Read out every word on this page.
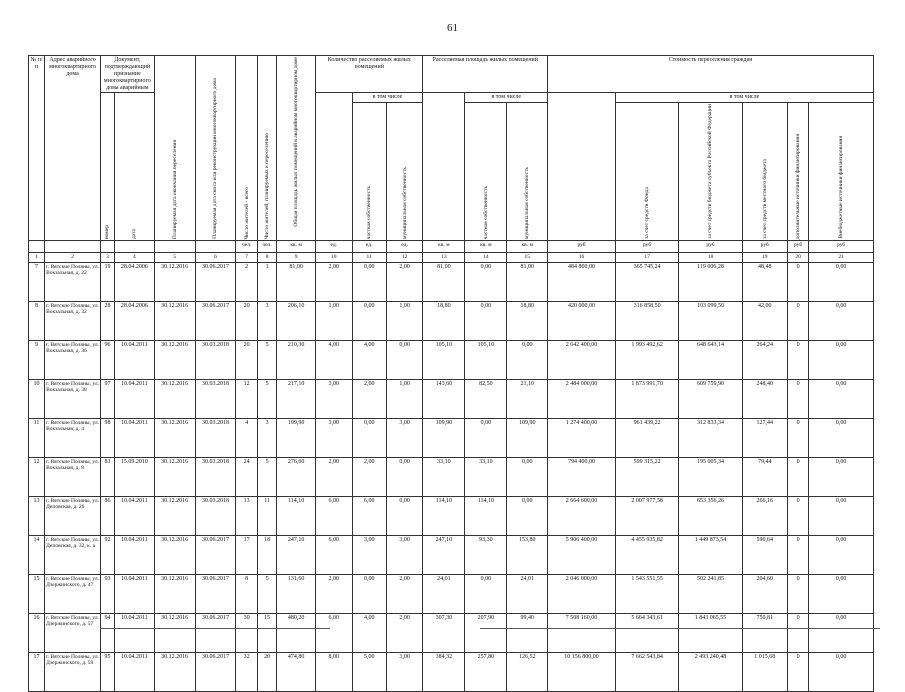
61
№ п/п	Адрес аварийного многоквартирного дома	Документ, подтверждающий признание многоквартирного дома аварийным		Планируемая дата окончания переселения	Планируемая дата сноса или реконструкции многоквартирного дома	Число жителей - всего	Число жителей, планируемых к переселению	Общая площадь жилых помещений в аварийном многоквартирном доме	Количество расселяемых жилых помещений			Расселяемая площадь жилых помещений			Стоимость переселения граждан					

		номер	дата							в том числе			в том числе			в том числе				

										частная собственность	муниципальная собственность		частная собственность	муниципальная собственность		за счет средств Фонда	за счет средств бюджета субъекта Российской Федерации	за счет средств местного бюджета	дополнительные источники финансирования	Внебюджетные источники финансирования

						чел.	чел.	кв. м	ед.	ед.	ед.	кв. м	кв. м	кв. м	руб	руб	руб	руб	руб	руб
1	2	3	4	5	6	7	8	9	10	11	12	13	14	15	16	17	18	19	20	21
7	г. Вятские Поляны, ул. Вокзальная, д. 22	19	28.04.2006	30.12.2016	30.06.2017	2	1	81,00	2,00	0,00	2,00	81,00	0,00	81,00	484 800,00	365 745,24	119 006,28	48,48	0	0,00
8	г. Вятские Поляны, ул. Вокзальная, д. 32	28	28.04.2006	30.12.2016	30.06.2017	20	3	206,10	1,00	0,00	1,00	18,80	0,00	18,80	420 000,00	316 858,50	103 099,50	42,00	0	0,00
9	г. Вятские Поляны, ул. Вокзальная, д. 36	96	10.04.2011	30.12.2016	30.03.2018	20	5	210,30	4,00	4,00	0,00	105,10	105,10	0,00	2 642 400,00	1 993 492,62	648 643,14	264,24	0	0,00
10	г. Вятские Поляны, ул. Вокзальная, д. 38	97	10.04.2011	30.12.2016	30.03.2018	12	5	217,10	3,00	2,00	1,00	143,60	82,50	21,10	2 484 000,00	1 873 991,70	609 759,90	248,40	0	0,00
11	г. Вятские Поляны, ул. Вокзальная, д. 4	98	10.04.2011	30.12.2016	30.03.2018	4	3	109,90	3,00	0,00	3,00	109,90	0,00	109,90	1 274 400,00	961 439,22	312 833,34	127,44	0	0,00
12	г. Вятские Поляны, ул. Вокзальная, д. 8	83	15.09.2010	30.12.2016	30.03.2018	24	5	276,60	2,00	2,00	0,00	33,10	33,10	0,00	794 400,00	599 315,22	195 005,34	79,44	0	0,00
13	г. Вятские Поляны, ул. Деповская, д. 26	86	10.04.2011	30.12.2016	30.03.2018	13	11	114,10	6,00	6,00	0,00	114,10	114,10	0,00	2 664 600,00	2 007 977,58	653 356,26	266,16	0	0,00
14	г. Вятские Поляны, ул. Деповская, д. 32, к. а	92	10.04.2011	30.12.2016	30.06.2017	17	18	247,10	6,00	3,00	3,00	247,10	93,30	153,80	5 906 400,00	4 455 935,82	1 449 873,54	590,64	0	0,00
15	г. Вятские Поляны, ул. Дзержинского, д. 47	93	10.04.2011	30.12.2016	30.06.2017	8	5	131,60	2,00	0,00	2,00	24,01	0,00	24,01	2 046 000,00	1 543 551,55	502 241,85	204,60	0	0,00
16	г. Вятские Поляны, ул. Дзержинского, д. 57	94	10.04.2011	30.12.2016	30.06.2017	30	15	480,20	6,00	4,00	2,00	307,30	207,90	99,40	7 508 160,00	5 664 343,61	1 843 065,55	750,81	0	0,00
17	г. Вятские Поляны, ул. Дзержинского, д. 59	95	10.04.2011	30.12.2016	30.06.2017	32	20	474,80	8,00	5,00	3,00	384,32	257,80	126,52	10 156 800,00	7 662 543,84	2 493 240,48	1 015,68	0	0,00
